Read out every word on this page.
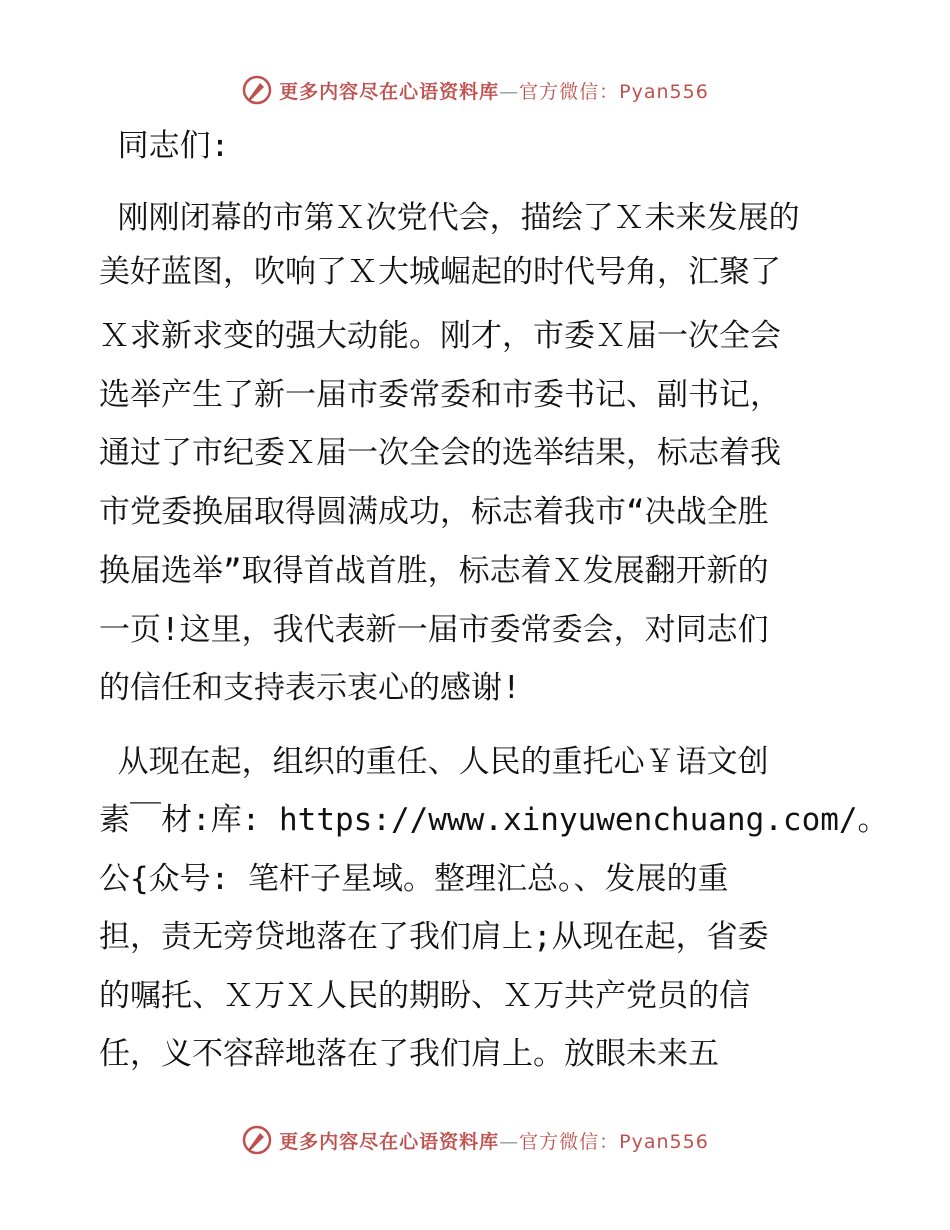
更多内容尽在心语资料库—官方微信：Pyan556
同志们:
刚刚闭幕的市第Ｘ次党代会，描绘了Ｘ未来发展的
美好蓝图，吹响了Ｘ大城崛起的时代号角，汇聚了
Ｘ求新求变的强大动能。刚才，市委Ｘ届一次全会
选举产生了新一届市委常委和市委书记、副书记，
通过了市纪委Ｘ届一次全会的选举结果，标志着我
市党委换届取得圆满成功，标志着我市“决战全胜
换届选举”取得首战首胜，标志着Ｘ发展翻开新的
一页!这里，我代表新一届市委常委会，对同志们
的信任和支持表示衷心的感谢!
从现在起，组织的重任、人民的重托心￥语文创
素￣材:库: https://www.xinyuwenchuang.com/。
公{众号: 笔杆子星域。整理汇总。、发展的重
担，责无旁贷地落在了我们肩上;从现在起，省委
的嘱托、Ｘ万Ｘ人民的期盼、Ｘ万共产党员的信
任，义不容辞地落在了我们肩上。放眼未来五
更多内容尽在心语资料库—官方微信：Pyan556
